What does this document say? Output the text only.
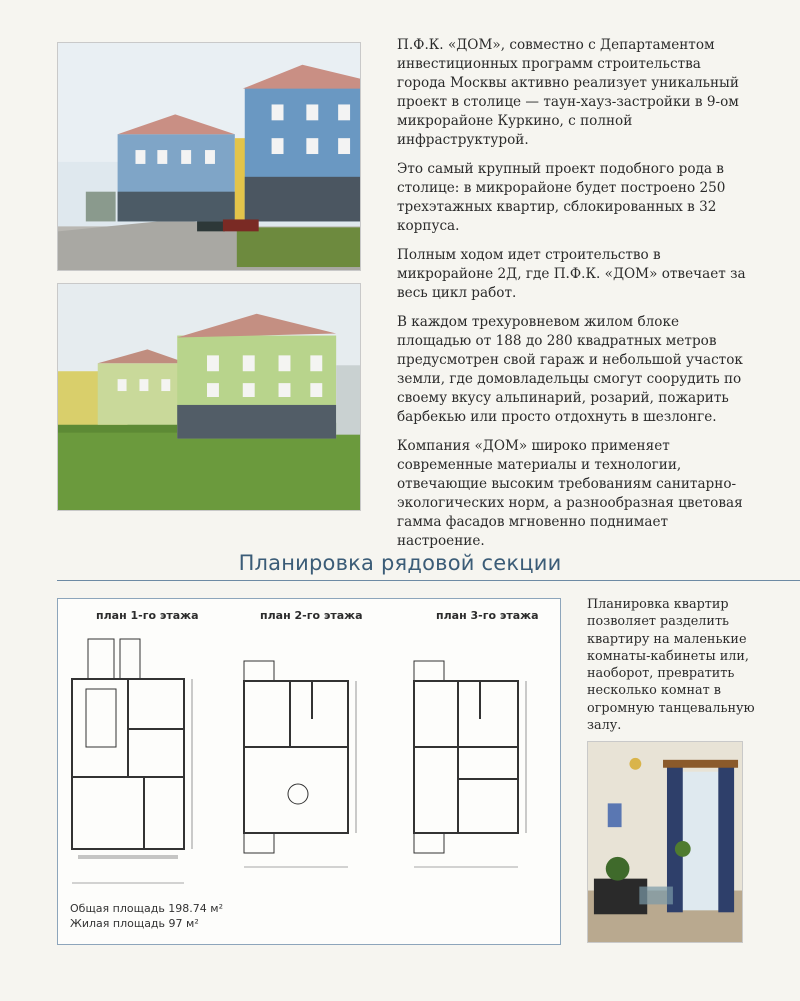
П.Ф.К. «ДОМ», совместно с Департаментом инвестиционных программ строительства города Москвы активно реализует уникальный проект в столице — таун-хауз-застройки в 9-ом микрорайоне Куркино, с полной инфраструктурой.

Это самый крупный проект подобного рода в столице: в микрорайоне будет построено 250 трехэтажных квартир, сблокированных в 32 корпуса.

Полным ходом идет строительство в микрорайоне 2Д, где П.Ф.К. «ДОМ» отвечает за весь цикл работ.

В каждом трехуровневом жилом блоке площадью от 188 до 280 квадратных метров предусмотрен свой гараж и небольшой участок земли, где домовладельцы смогут соорудить по своему вкусу альпинарий, розарий, пожарить барбекью или просто отдохнуть в шезлонге.

Компания «ДОМ» широко применяет современные материалы и технологии, отвечающие высоким требованиям санитарно-экологических норм, а разнообразная цветовая гамма фасадов мгновенно поднимает настроение.

Планировка рядовой секции
план 1-го этажа	план 2-го этажа	план 3-го этажа
Общая площадь 198.74 м²
Жилая площадь 97 м²
Планировка квартир позволяет разделить квартиру на маленькие комнаты-кабинеты или, наоборот, превратить несколько комнат в огромную танцевальную залу.
